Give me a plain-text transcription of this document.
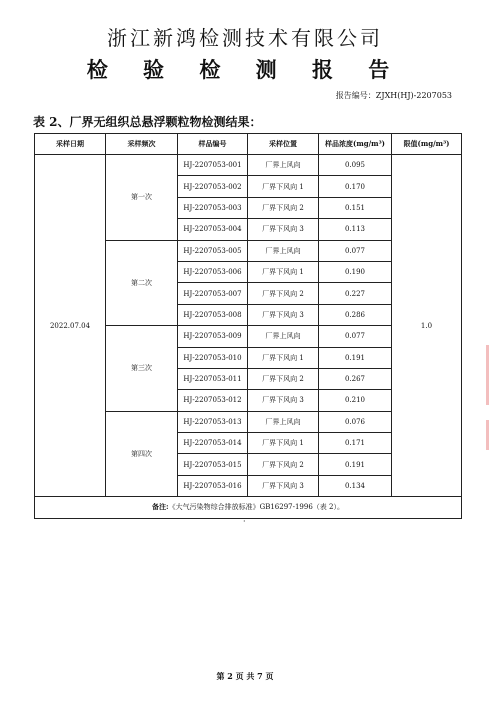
浙江新鸿检测技术有限公司
检 验 检 测 报 告
报告编号：ZJXH(HJ)-2207053
表 2、厂界无组织总悬浮颗粒物检测结果：
采样日期	采样频次	样品编号	采样位置	样品浓度(mg/m³)	限值(mg/m³)
2022.07.04	第一次	HJ-2207053-001	厂界上风向	0.095	1.0
		HJ-2207053-002	厂界下风向 1	0.170	
		HJ-2207053-003	厂界下风向 2	0.151	
		HJ-2207053-004	厂界下风向 3	0.113	
	第二次	HJ-2207053-005	厂界上风向	0.077	
		HJ-2207053-006	厂界下风向 1	0.190	
		HJ-2207053-007	厂界下风向 2	0.227	
		HJ-2207053-008	厂界下风向 3	0.286	
	第三次	HJ-2207053-009	厂界上风向	0.077	
		HJ-2207053-010	厂界下风向 1	0.191	
		HJ-2207053-011	厂界下风向 2	0.267	
		HJ-2207053-012	厂界下风向 3	0.210	
	第四次	HJ-2207053-013	厂界上风向	0.076	
		HJ-2207053-014	厂界下风向 1	0.171	
		HJ-2207053-015	厂界下风向 2	0.191	
		HJ-2207053-016	厂界下风向 3	0.134	
备注:《大气污染物综合排放标准》GB16297-1996（表 2）。					
·
第 2 页 共 7 页
